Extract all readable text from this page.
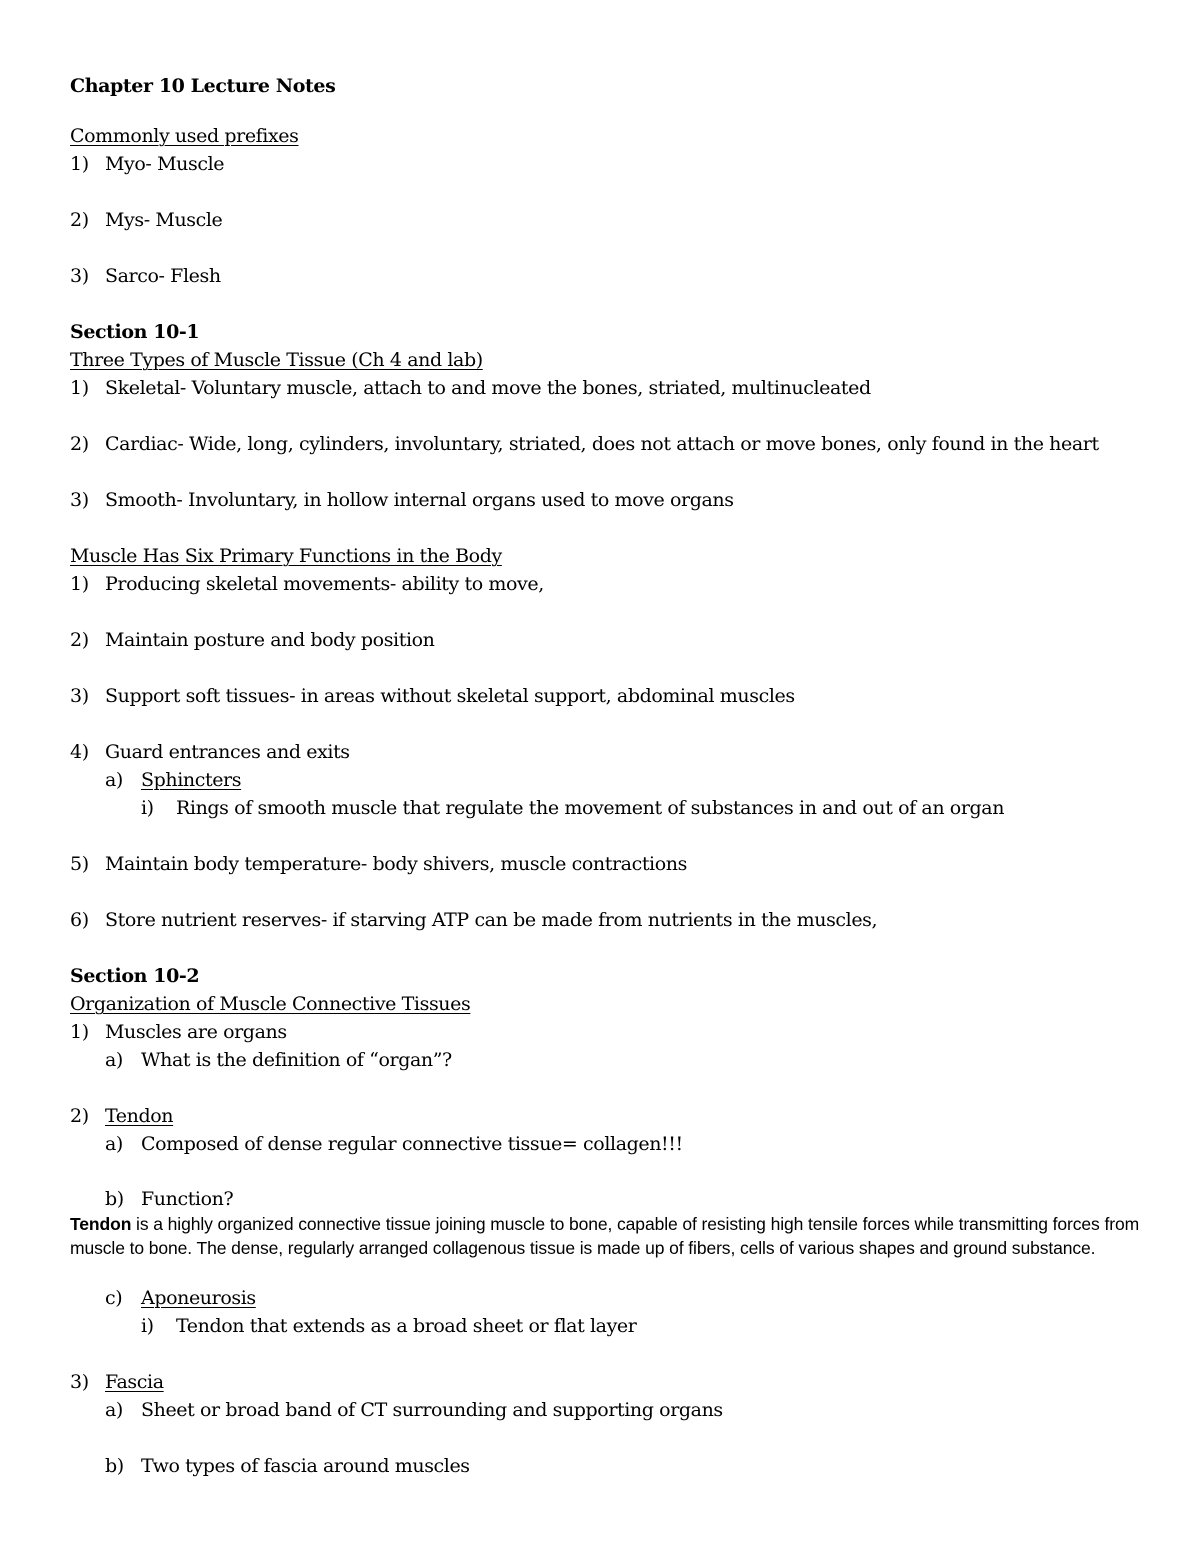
Chapter 10 Lecture Notes
Commonly used prefixes
1) Myo- Muscle
2) Mys- Muscle
3) Sarco- Flesh
Section 10-1
Three Types of Muscle Tissue (Ch 4 and lab)
1) Skeletal- Voluntary muscle, attach to and move the bones, striated, multinucleated
2) Cardiac- Wide, long, cylinders, involuntary, striated, does not attach or move bones, only found in the heart
3) Smooth- Involuntary, in hollow internal organs used to move organs
Muscle Has Six Primary Functions in the Body
1) Producing skeletal movements- ability to move,
2) Maintain posture and body position
3) Support soft tissues- in areas without skeletal support, abdominal muscles
4) Guard entrances and exits
a) Sphincters
i) Rings of smooth muscle that regulate the movement of substances in and out of an organ
5) Maintain body temperature- body shivers, muscle contractions
6) Store nutrient reserves- if starving ATP can be made from nutrients in the muscles,
Section 10-2
Organization of Muscle Connective Tissues
1) Muscles are organs
a) What is the definition of “organ”?
2) Tendon
a) Composed of dense regular connective tissue= collagen!!!
b) Function?
Tendon is a highly organized connective tissue joining muscle to bone, capable of resisting high tensile forces while transmitting forces from muscle to bone. The dense, regularly arranged collagenous tissue is made up of fibers, cells of various shapes and ground substance.
c) Aponeurosis
i) Tendon that extends as a broad sheet or flat layer
3) Fascia
a) Sheet or broad band of CT surrounding and supporting organs
b) Two types of fascia around muscles
